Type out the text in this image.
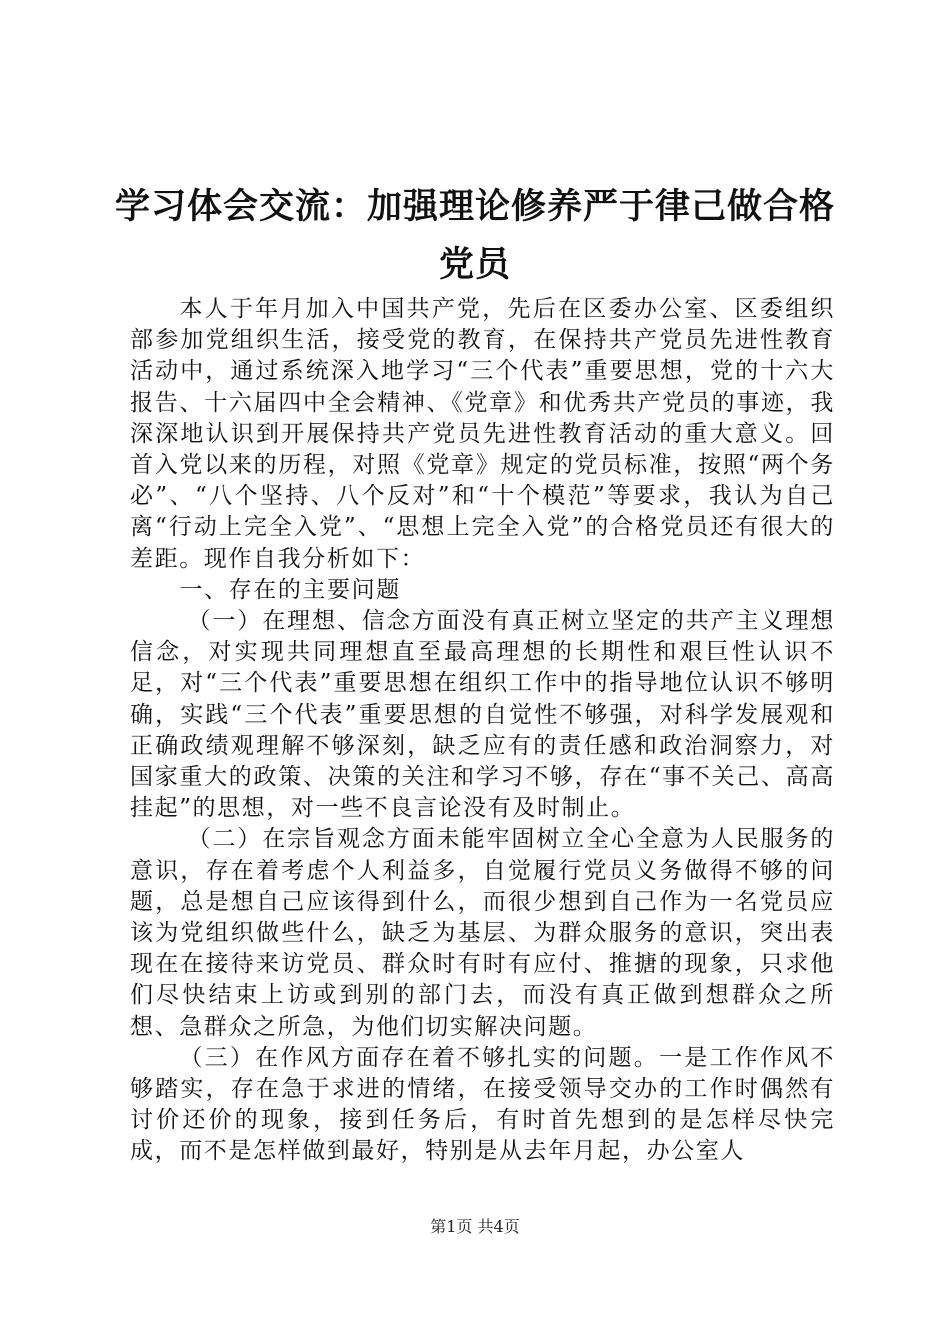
学习体会交流：加强理论修养严于律己做合格党员

本人于年月加入中国共产党，先后在区委办公室、区委组织部参加党组织生活，接受党的教育，在保持共产党员先进性教育活动中，通过系统深入地学习“三个代表”重要思想，党的十六大报告、十六届四中全会精神、《党章》和优秀共产党员的事迹，我深深地认识到开展保持共产党员先进性教育活动的重大意义。回首入党以来的历程，对照《党章》规定的党员标准，按照“两个务必”、“八个坚持、八个反对”和“十个模范”等要求，我认为自己离“行动上完全入党”、“思想上完全入党”的合格党员还有很大的差距。现作自我分析如下：

一、存在的主要问题

（一）在理想、信念方面没有真正树立坚定的共产主义理想信念，对实现共同理想直至最高理想的长期性和艰巨性认识不足，对“三个代表”重要思想在组织工作中的指导地位认识不够明确，实践“三个代表”重要思想的自觉性不够强，对科学发展观和正确政绩观理解不够深刻，缺乏应有的责任感和政治洞察力，对国家重大的政策、决策的关注和学习不够，存在“事不关己、高高挂起”的思想，对一些不良言论没有及时制止。

（二）在宗旨观念方面未能牢固树立全心全意为人民服务的意识，存在着考虑个人利益多，自觉履行党员义务做得不够的问题，总是想自己应该得到什么，而很少想到自己作为一名党员应该为党组织做些什么，缺乏为基层、为群众服务的意识，突出表现在在接待来访党员、群众时有时有应付、推搪的现象，只求他们尽快结束上访或到别的部门去，而没有真正做到想群众之所想、急群众之所急，为他们切实解决问题。

（三）在作风方面存在着不够扎实的问题。一是工作作风不够踏实，存在急于求进的情绪，在接受领导交办的工作时偶然有讨价还价的现象，接到任务后，有时首先想到的是怎样尽快完成，而不是怎样做到最好，特别是从去年月起，办公室人

第1页 共4页
